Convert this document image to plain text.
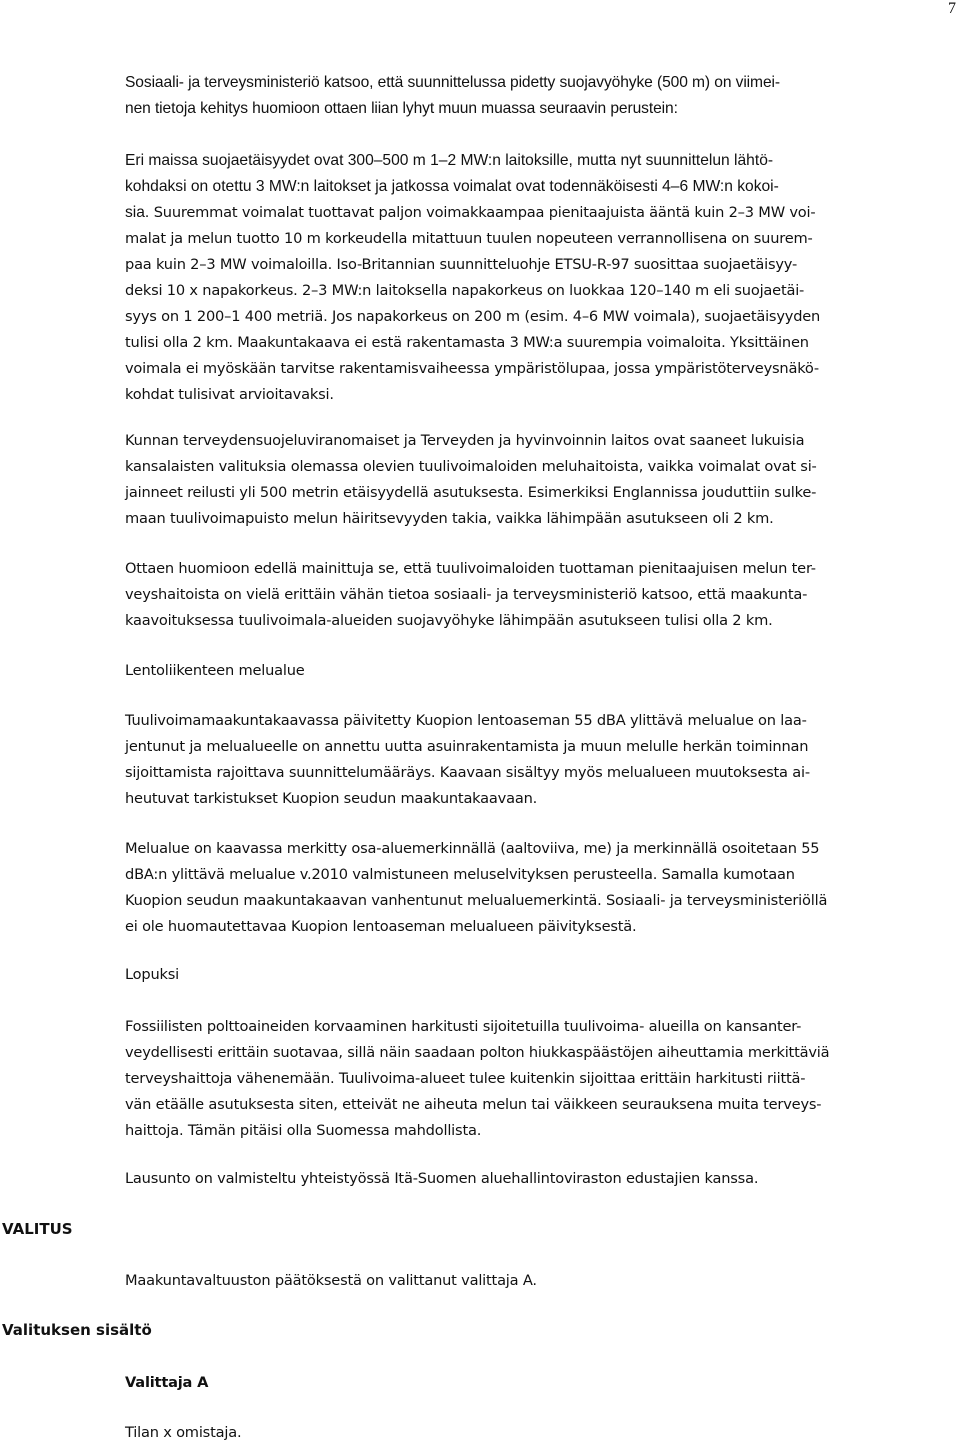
7

Sosiaali- ja terveysministeriö katsoo, että suunnittelussa pidetty suojavyöhyke (500 m) on viimei-
nen tietoja kehitys huomioon ottaen liian lyhyt muun muassa seuraavin perustein:

Eri maissa suojaetäisyydet ovat 300–500 m 1–2 MW:n laitoksille, mutta nyt suunnittelun lähtö-
kohdaksi on otettu 3 MW:n laitokset ja jatkossa voimalat ovat todennäköisesti 4–6 MW:n kokoi-
sia. Suuremmat voimalat tuottavat paljon voimakkaampaa pienitaajuista ääntä kuin 2–3 MW voi-
malat ja melun tuotto 10 m korkeudella mitattuun tuulen nopeuteen verrannollisena on suurem-
paa kuin 2–3 MW voimaloilla. Iso-Britannian suunnitteluohje ETSU-R-97 suosittaa suojaetäisyy-
deksi 10 x napakorkeus. 2–3 MW:n laitoksella napakorkeus on luokkaa 120–140 m eli suojaetäi-
syys on 1 200–1 400 metriä. Jos napakorkeus on 200 m (esim. 4–6 MW voimala), suojaetäisyyden
tulisi olla 2 km. Maakuntakaava ei estä rakentamasta 3 MW:a suurempia voimaloita. Yksittäinen
voimala ei myöskään tarvitse rakentamisvaiheessa ympäristölupaa, jossa ympäristöterveysnäkö-
kohdat tulisivat arvioitavaksi.

Kunnan terveydensuojeluviranomaiset ja Terveyden ja hyvinvoinnin laitos ovat saaneet lukuisia
kansalaisten valituksia olemassa olevien tuulivoimaloiden meluhaitoista, vaikka voimalat ovat si-
jainneet reilusti yli 500 metrin etäisyydellä asutuksesta. Esimerkiksi Englannissa jouduttiin sulke-
maan tuulivoimapuisto melun häiritsevyyden takia, vaikka lähimpään asutukseen oli 2 km.

Ottaen huomioon edellä mainittuja se, että tuulivoimaloiden tuottaman pienitaajuisen melun ter-
veyshaitoista on vielä erittäin vähän tietoa sosiaali- ja terveysministeriö katsoo, että maakunta-
kaavoituksessa tuulivoimala-alueiden suojavyöhyke lähimpään asutukseen tulisi olla 2 km.

Lentoliikenteen melualue

Tuulivoimamaakuntakaavassa päivitetty Kuopion lentoaseman 55 dBA ylittävä melualue on laa-
jentunut ja melualueelle on annettu uutta asuinrakentamista ja muun melulle herkän toiminnan
sijoittamista rajoittava suunnittelumääräys. Kaavaan sisältyy myös melualueen muutoksesta ai-
heutuvat tarkistukset Kuopion seudun maakuntakaavaan.

Melualue on kaavassa merkitty osa-aluemerkinnällä (aaltoviiva, me) ja merkinnällä osoitetaan 55
dBA:n ylittävä melualue v.2010 valmistuneen meluselvityksen perusteella. Samalla kumotaan
Kuopion seudun maakuntakaavan vanhentunut melualuemerkintä. Sosiaali- ja terveysministeriöllä
ei ole huomautettavaa Kuopion lentoaseman melualueen päivityksestä.

Lopuksi

Fossiilisten polttoaineiden korvaaminen harkitusti sijoitetuilla tuulivoima- alueilla on kansanter-
veydellisesti erittäin suotavaa, sillä näin saadaan polton hiukkaspäästöjen aiheuttamia merkittäviä
terveyshaittoja vähenemään. Tuulivoima-alueet tulee kuitenkin sijoittaa erittäin harkitusti riittä-
vän etäälle asutuksesta siten, etteivät ne aiheuta melun tai väikkeen seurauksena muita terveys-
haittoja. Tämän pitäisi olla Suomessa mahdollista.

Lausunto on valmisteltu yhteistyössä Itä-Suomen aluehallintoviraston edustajien kanssa.

VALITUS

Maakuntavaltuuston päätöksestä on valittanut valittaja A.

Valituksen sisältö

Valittaja A

Tilan x omistaja.
